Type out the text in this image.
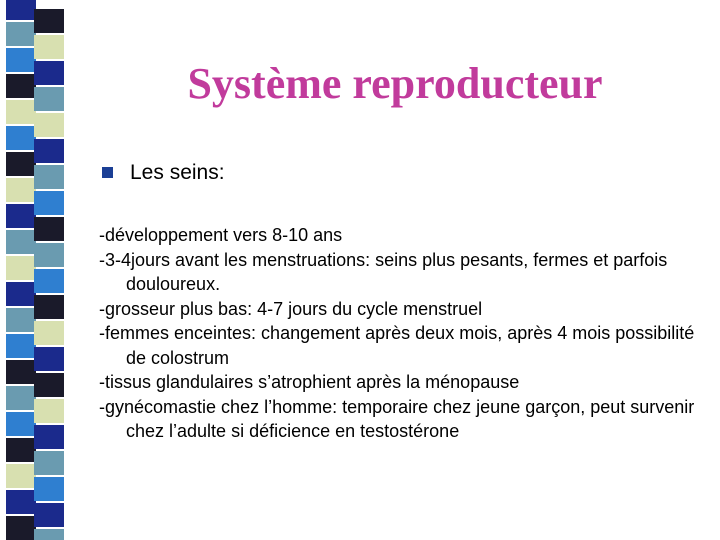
Système reproducteur
Les seins:
-développement vers 8-10 ans
-3-4jours avant les menstruations: seins plus pesants, fermes et parfois douloureux.
-grosseur plus bas: 4-7 jours du cycle menstruel
-femmes enceintes: changement après deux mois, après 4 mois possibilité de colostrum
-tissus glandulaires s’atrophient après la ménopause
-gynécomastie chez l’homme: temporaire chez jeune garçon, peut survenir chez l’adulte si déficience en testostérone
